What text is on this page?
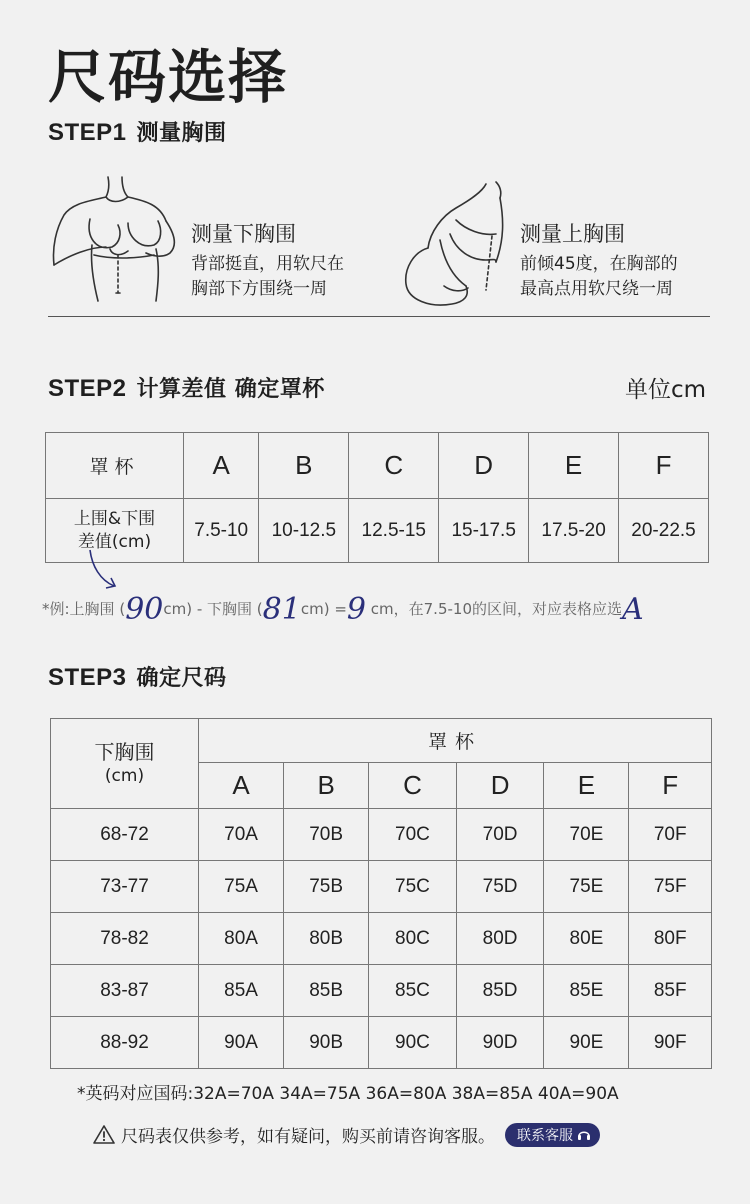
尺码选择
STEP1 测量胸围
测量下胸围
背部挺直，用软尺在
胸部下方围绕一周
测量上胸围
前倾45度，在胸部的
最高点用软尺绕一周
STEP2 计算差值 确定罩杯	单位cm
罩杯	A	B	C	D	E	F

上围&下围
差值(cm)	7.5-10	10-12.5	12.5-15	15-17.5	17.5-20	20-22.5
*例:上胸围 (90cm) - 下胸围 (81cm) =9 cm，在7.5-10的区间，对应表格应选A
STEP3 确定尺码
下胸围
(cm)	罩杯					
	A	B	C	D	E	F
68-72	70A	70B	70C	70D	70E	70F
73-77	75A	75B	75C	75D	75E	75F
78-82	80A	80B	80C	80D	80E	80F
83-87	85A	85B	85C	85D	85E	85F
88-92	90A	90B	90C	90D	90E	90F
*英码对应国码:32A=70A 34A=75A 36A=80A 38A=85A 40A=90A
尺码表仅供参考，如有疑问，购买前请咨询客服。 联系客服
